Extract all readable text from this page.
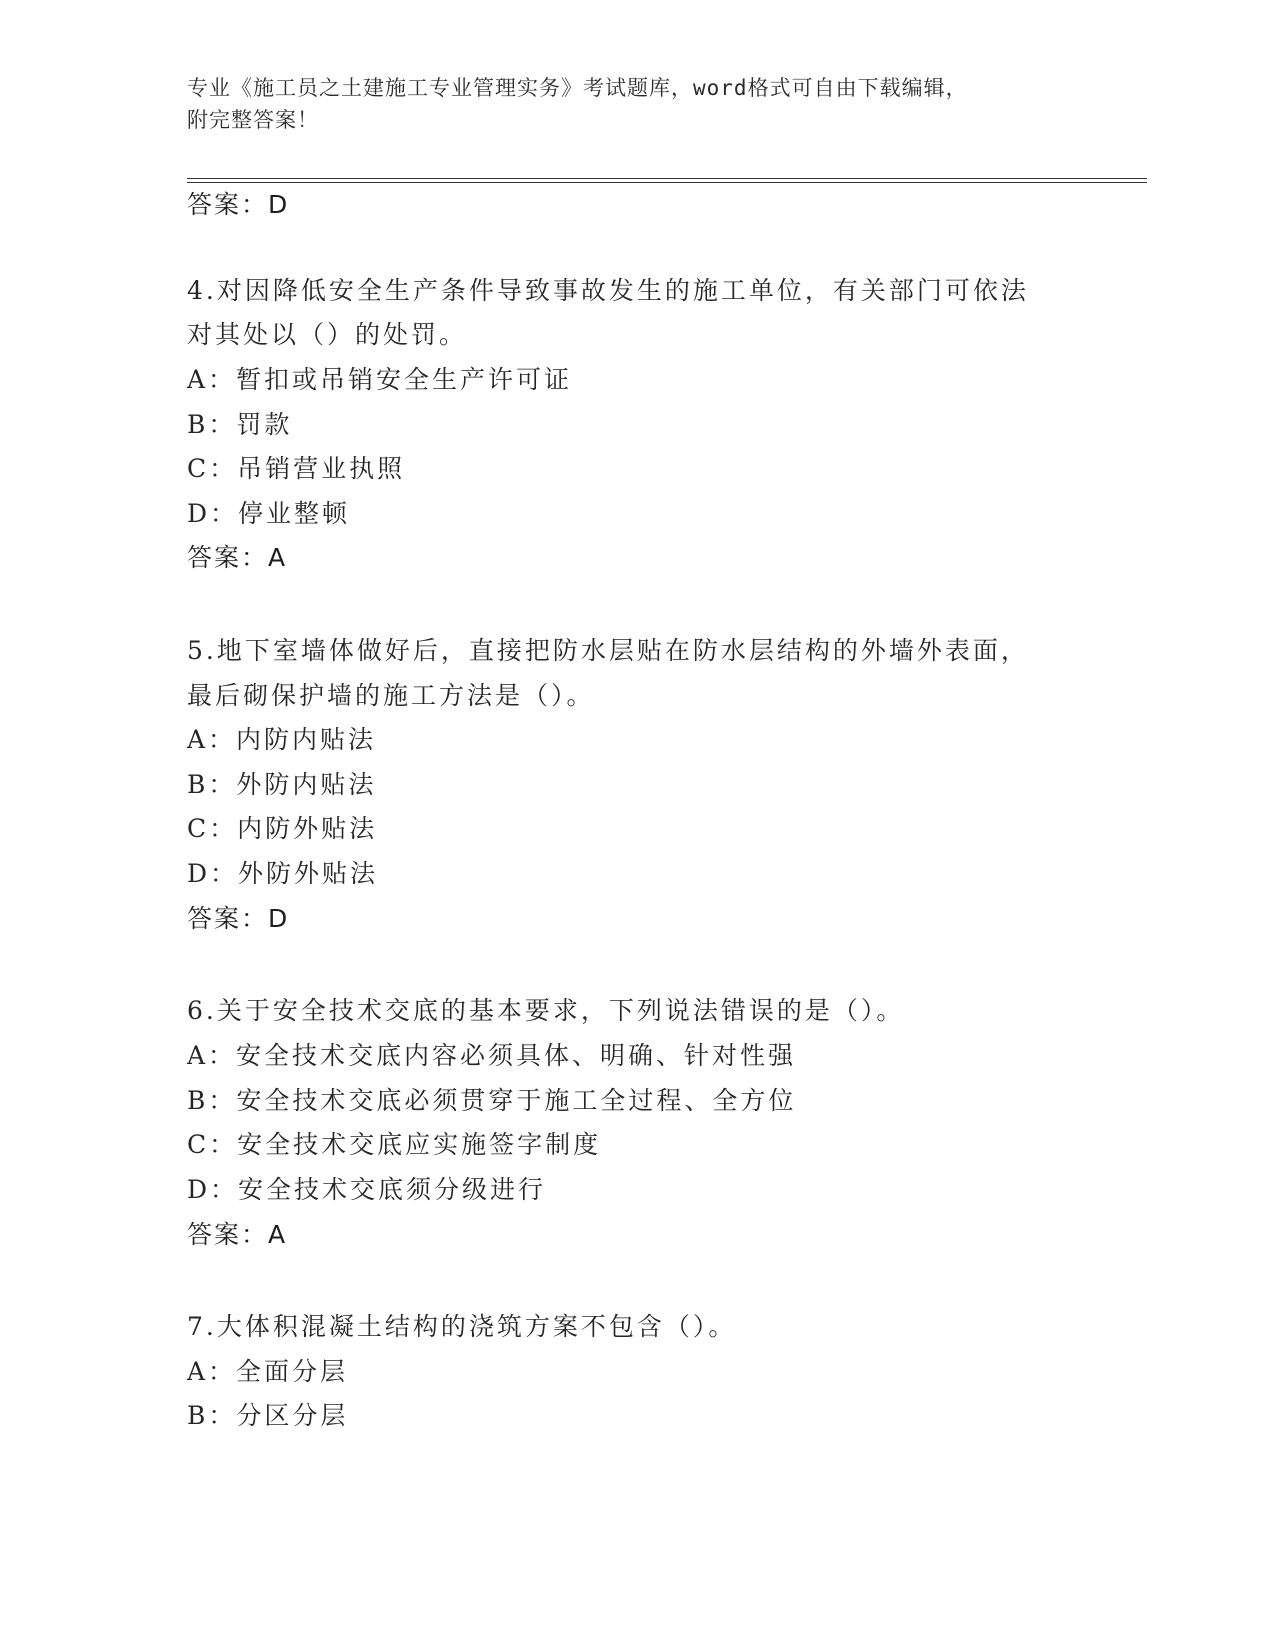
专业《施工员之土建施工专业管理实务》考试题库，word格式可自由下载编辑，
附完整答案！
答案：D
4.对因降低安全生产条件导致事故发生的施工单位，有关部门可依法
对其处以（）的处罚。
A：暂扣或吊销安全生产许可证
B：罚款
C：吊销营业执照
D：停业整顿
答案：A
5.地下室墙体做好后，直接把防水层贴在防水层结构的外墙外表面，
最后砌保护墙的施工方法是（）。
A：内防内贴法
B：外防内贴法
C：内防外贴法
D：外防外贴法
答案：D
6.关于安全技术交底的基本要求，下列说法错误的是（）。
A：安全技术交底内容必须具体、明确、针对性强
B：安全技术交底必须贯穿于施工全过程、全方位
C：安全技术交底应实施签字制度
D：安全技术交底须分级进行
答案：A
7.大体积混凝土结构的浇筑方案不包含（）。
A：全面分层
B：分区分层
